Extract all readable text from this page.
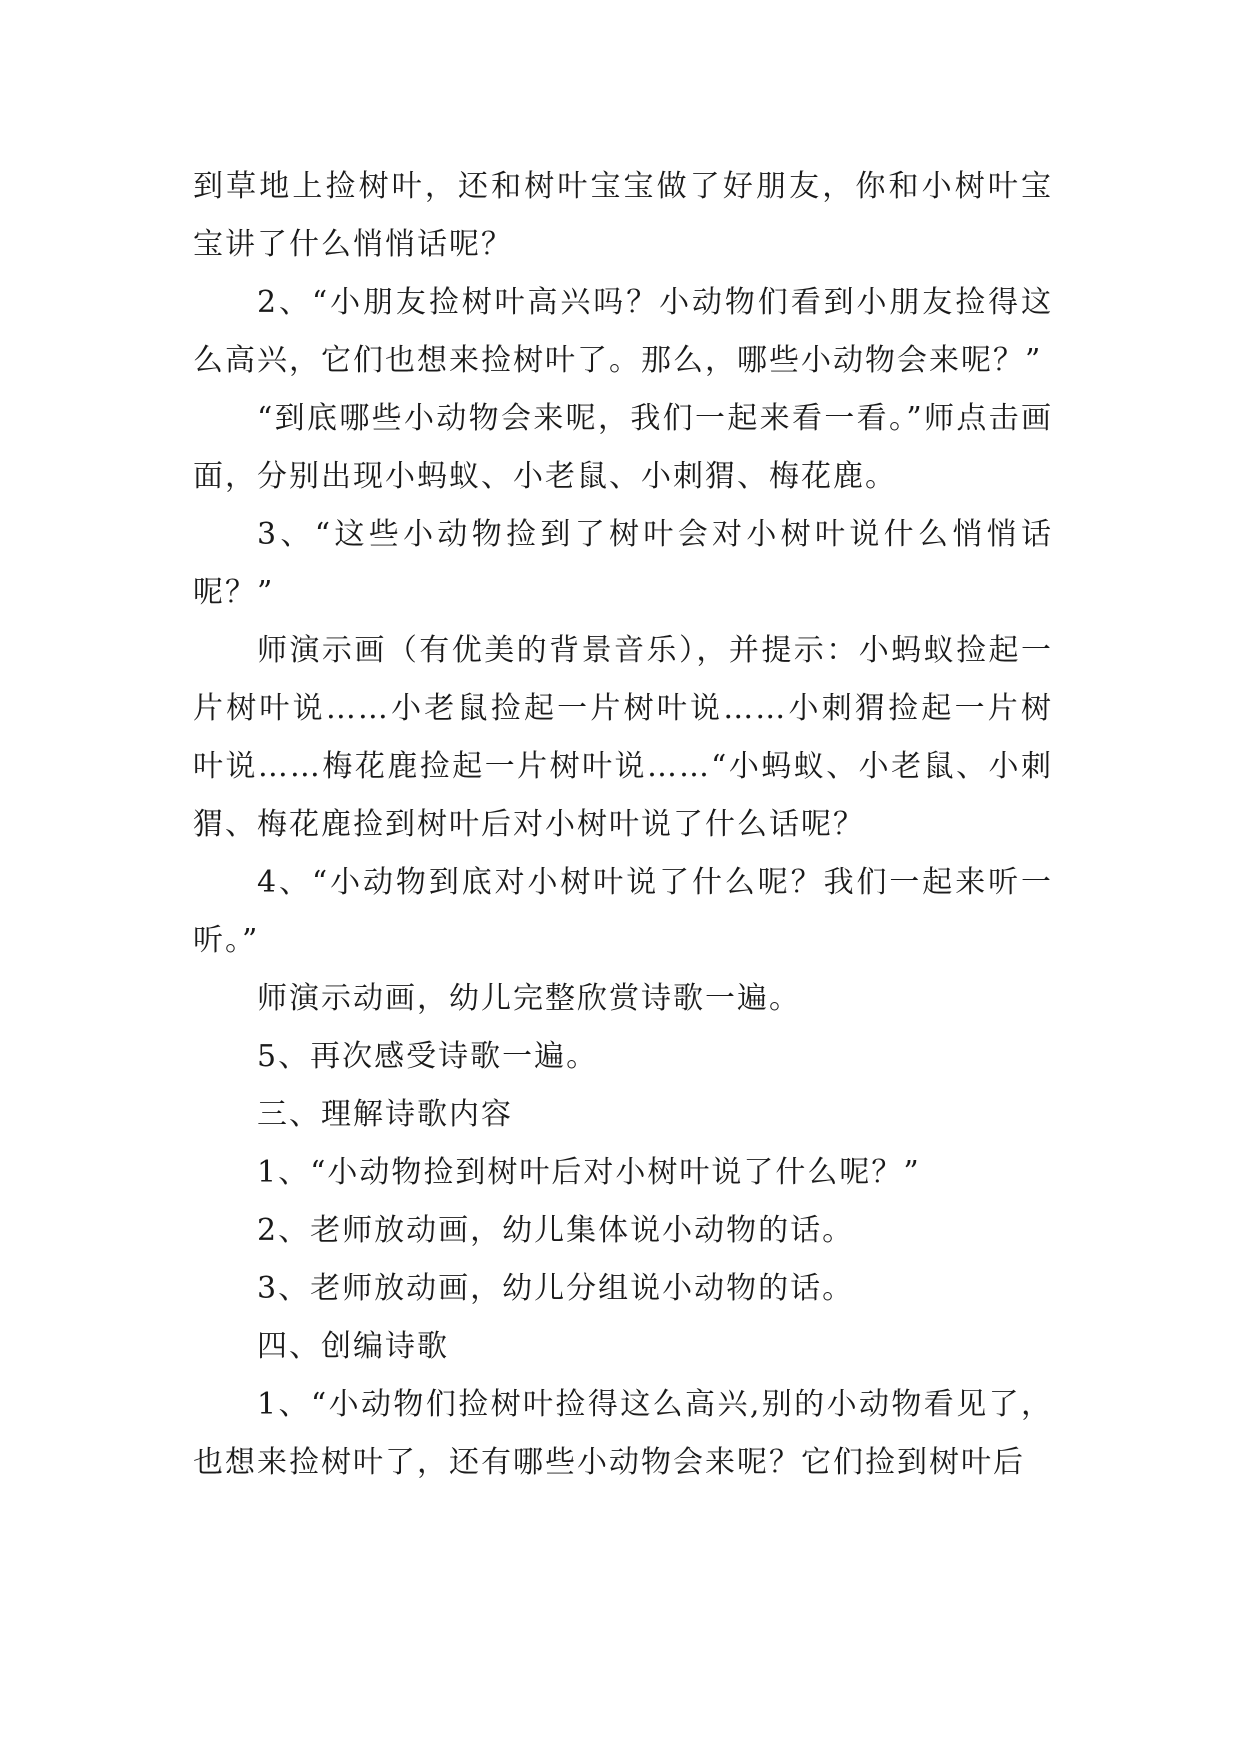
到草地上捡树叶，还和树叶宝宝做了好朋友，你和小树叶宝宝讲了什么悄悄话呢？

2、“小朋友捡树叶高兴吗？小动物们看到小朋友捡得这么高兴，它们也想来捡树叶了。那么，哪些小动物会来呢？”

“到底哪些小动物会来呢，我们一起来看一看。”师点击画面，分别出现小蚂蚁、小老鼠、小刺猬、梅花鹿。

3、“这些小动物捡到了树叶会对小树叶说什么悄悄话呢？”

师演示画（有优美的背景音乐），并提示：小蚂蚁捡起一片树叶说……小老鼠捡起一片树叶说……小刺猬捡起一片树叶说……梅花鹿捡起一片树叶说……“小蚂蚁、小老鼠、小刺猬、梅花鹿捡到树叶后对小树叶说了什么话呢？

4、“小动物到底对小树叶说了什么呢？我们一起来听一听。”

师演示动画，幼儿完整欣赏诗歌一遍。

5、再次感受诗歌一遍。

三、理解诗歌内容

1、“小动物捡到树叶后对小树叶说了什么呢？”

2、老师放动画，幼儿集体说小动物的话。

3、老师放动画，幼儿分组说小动物的话。

四、创编诗歌

1、“小动物们捡树叶捡得这么高兴,别的小动物看见了，也想来捡树叶了，还有哪些小动物会来呢？它们捡到树叶后
